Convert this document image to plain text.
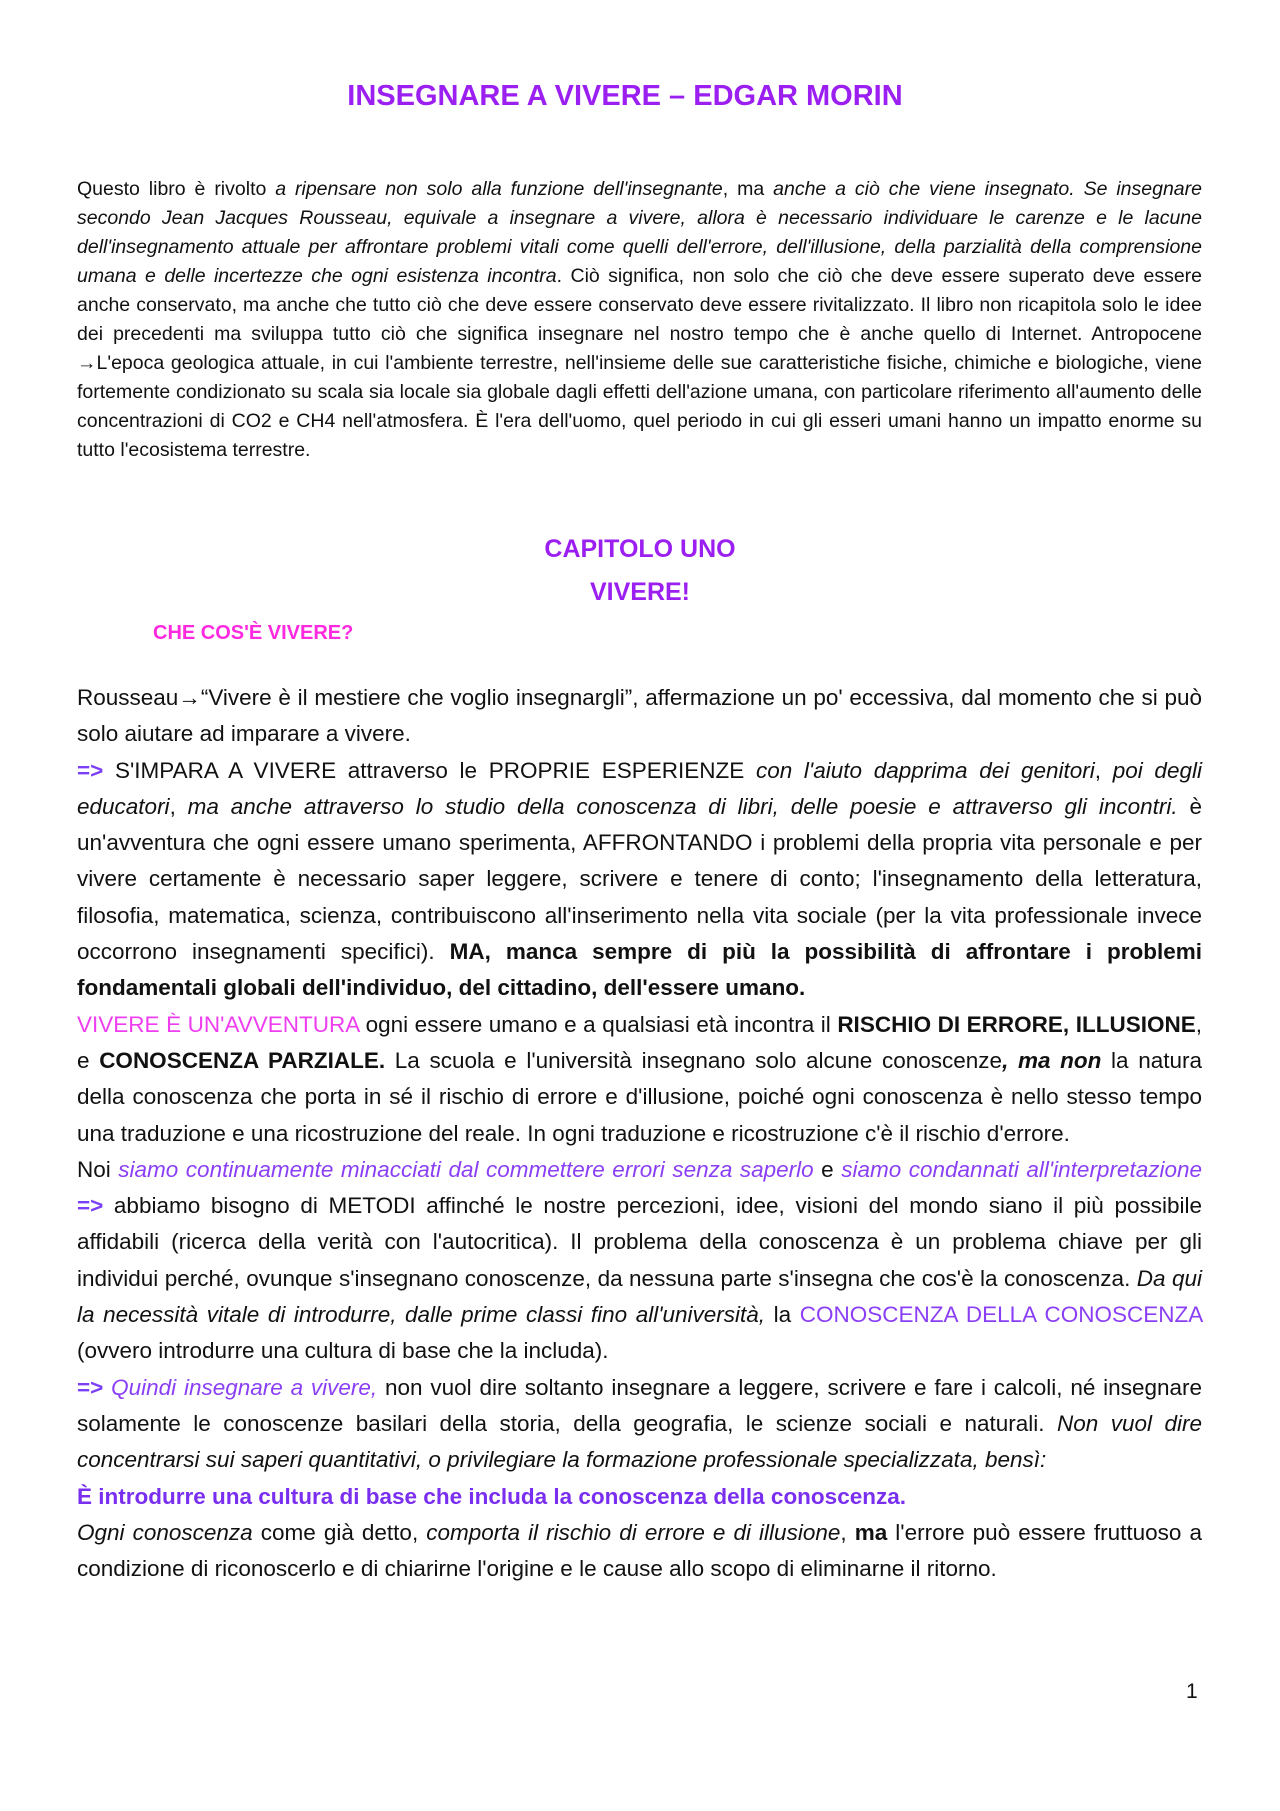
INSEGNARE A VIVERE – EDGAR MORIN

Questo libro è rivolto a ripensare non solo alla funzione dell'insegnante, ma anche a ciò che viene insegnato. Se insegnare secondo Jean Jacques Rousseau, equivale a insegnare a vivere, allora è necessario individuare le carenze e le lacune dell'insegnamento attuale per affrontare problemi vitali come quelli dell'errore, dell'illusione, della parzialità della comprensione umana e delle incertezze che ogni esistenza incontra. Ciò significa, non solo che ciò che deve essere superato deve essere anche conservato, ma anche che tutto ciò che deve essere conservato deve essere rivitalizzato. Il libro non ricapitola solo le idee dei precedenti ma sviluppa tutto ciò che significa insegnare nel nostro tempo che è anche quello di Internet. Antropocene →L'epoca geologica attuale, in cui l'ambiente terrestre, nell'insieme delle sue caratteristiche fisiche, chimiche e biologiche, viene fortemente condizionato su scala sia locale sia globale dagli effetti dell'azione umana, con particolare riferimento all'aumento delle concentrazioni di CO2 e CH4 nell'atmosfera. È l'era dell'uomo, quel periodo in cui gli esseri umani hanno un impatto enorme su tutto l'ecosistema terrestre.

CAPITOLO UNO
VIVERE!
CHE COS'È VIVERE?

Rousseau→“Vivere è il mestiere che voglio insegnargli”, affermazione un po' eccessiva, dal momento che si può solo aiutare ad imparare a vivere.

=> S'IMPARA A VIVERE attraverso le PROPRIE ESPERIENZE con l'aiuto dapprima dei genitori, poi degli educatori, ma anche attraverso lo studio della conoscenza di libri, delle poesie e attraverso gli incontri. è un'avventura che ogni essere umano sperimenta, AFFRONTANDO i problemi della propria vita personale e per vivere certamente è necessario saper leggere, scrivere e tenere di conto; l'insegnamento della letteratura, filosofia, matematica, scienza, contribuiscono all'inserimento nella vita sociale (per la vita professionale invece occorrono insegnamenti specifici). MA, manca sempre di più la possibilità di affrontare i problemi fondamentali globali dell'individuo, del cittadino, dell'essere umano.

VIVERE È UN'AVVENTURA ogni essere umano e a qualsiasi età incontra il RISCHIO DI ERRORE, ILLUSIONE, e CONOSCENZA PARZIALE. La scuola e l'università insegnano solo alcune conoscenze, ma non la natura della conoscenza che porta in sé il rischio di errore e d'illusione, poiché ogni conoscenza è nello stesso tempo una traduzione e una ricostruzione del reale. In ogni traduzione e ricostruzione c'è il rischio d'errore.

Noi siamo continuamente minacciati dal commettere errori senza saperlo e siamo condannati all'interpretazione => abbiamo bisogno di METODI affinché le nostre percezioni, idee, visioni del mondo siano il più possibile affidabili (ricerca della verità con l'autocritica). Il problema della conoscenza è un problema chiave per gli individui perché, ovunque s'insegnano conoscenze, da nessuna parte s'insegna che cos'è la conoscenza. Da qui la necessità vitale di introdurre, dalle prime classi fino all'università, la CONOSCENZA DELLA CONOSCENZA (ovvero introdurre una cultura di base che la includa).

=> Quindi insegnare a vivere, non vuol dire soltanto insegnare a leggere, scrivere e fare i calcoli, né insegnare solamente le conoscenze basilari della storia, della geografia, le scienze sociali e naturali. Non vuol dire concentrarsi sui saperi quantitativi, o privilegiare la formazione professionale specializzata, bensì:

È introdurre una cultura di base che includa la conoscenza della conoscenza.

Ogni conoscenza come già detto, comporta il rischio di errore e di illusione, ma l'errore può essere fruttuoso a condizione di riconoscerlo e di chiarirne l'origine e le cause allo scopo di eliminarne il ritorno.

1
